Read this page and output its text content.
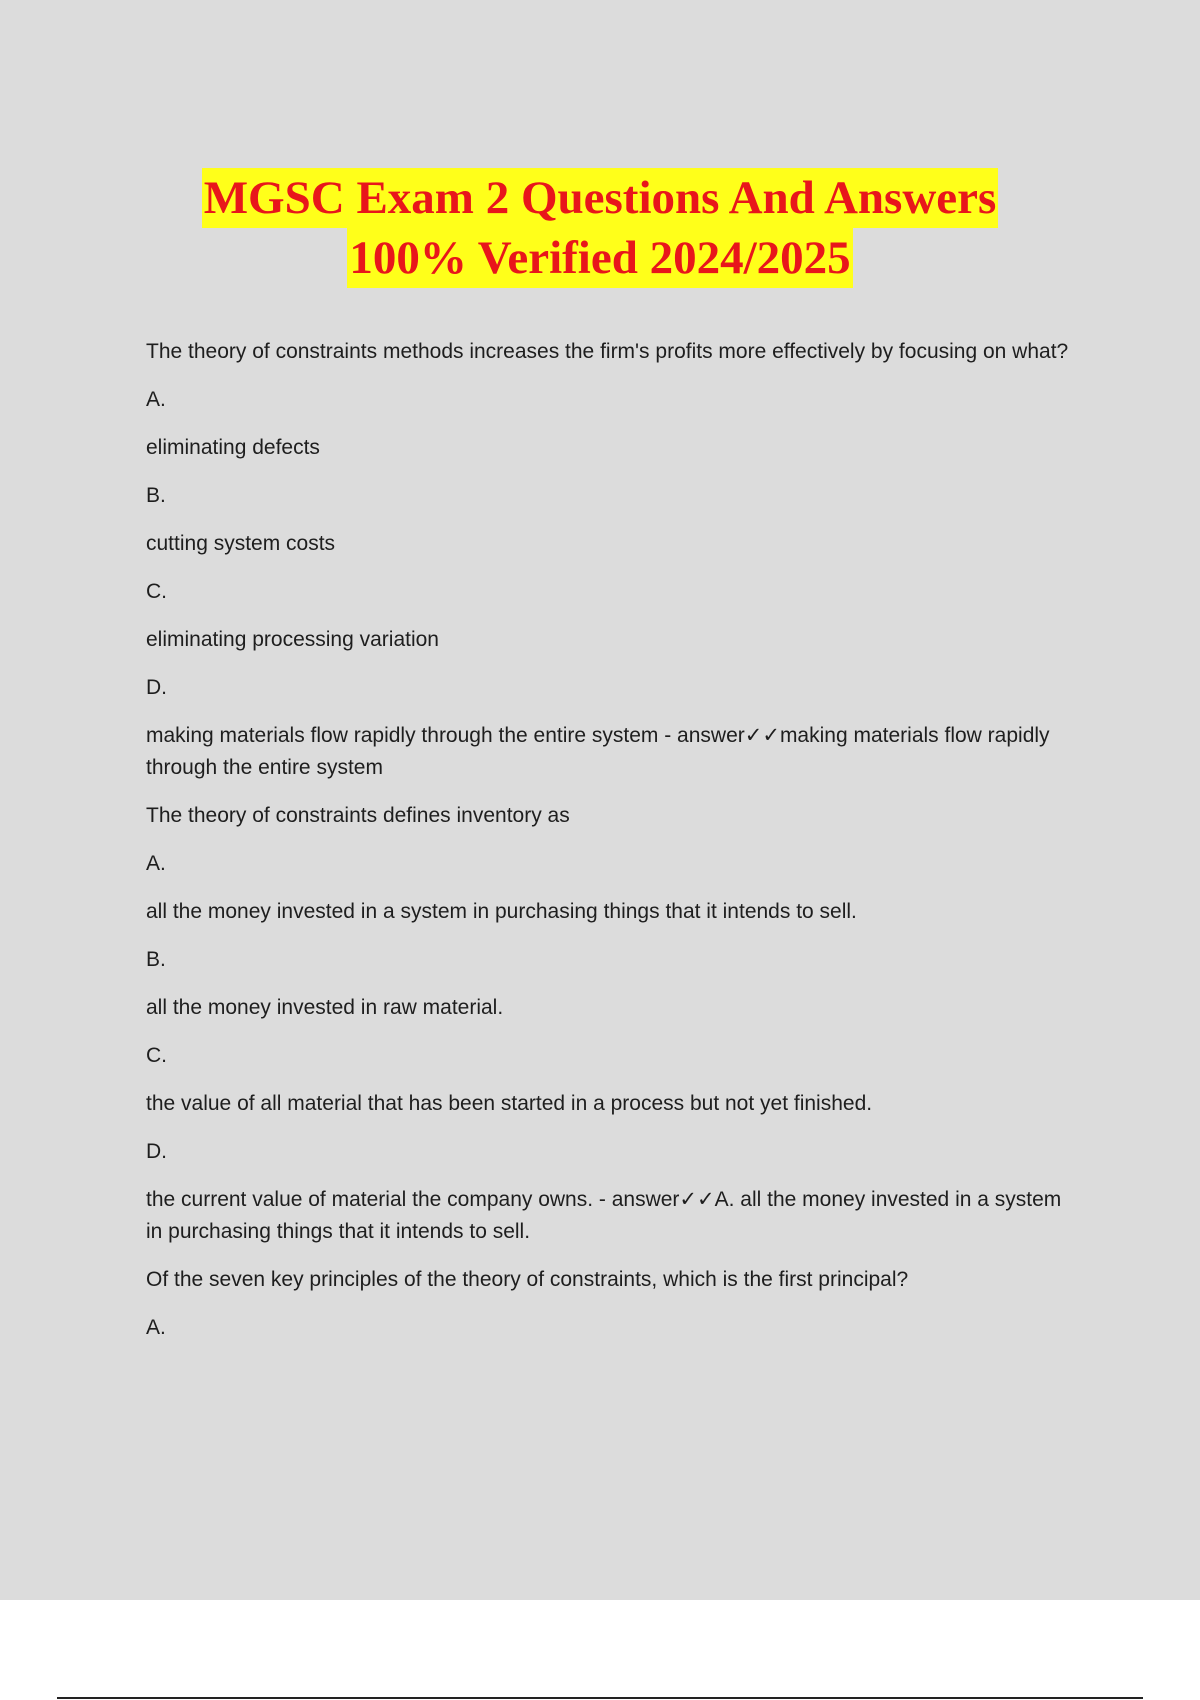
MGSC Exam 2 Questions And Answers
100% Verified 2024/2025

The theory of constraints methods increases the firm's profits more effectively by focusing on what?

A.

eliminating defects

B.

cutting system costs

C.

eliminating processing variation

D.

making materials flow rapidly through the entire system - answer✓✓making materials flow rapidly through the entire system

The theory of constraints defines inventory as

A.

all the money invested in a system in purchasing things that it intends to sell.

B.

all the money invested in raw material.

C.

the value of all material that has been started in a process but not yet finished.

D.

the current value of material the company owns. - answer✓✓A. all the money invested in a system in purchasing things that it intends to sell.

Of the seven key principles of the theory of constraints, which is the first principal?

A.
